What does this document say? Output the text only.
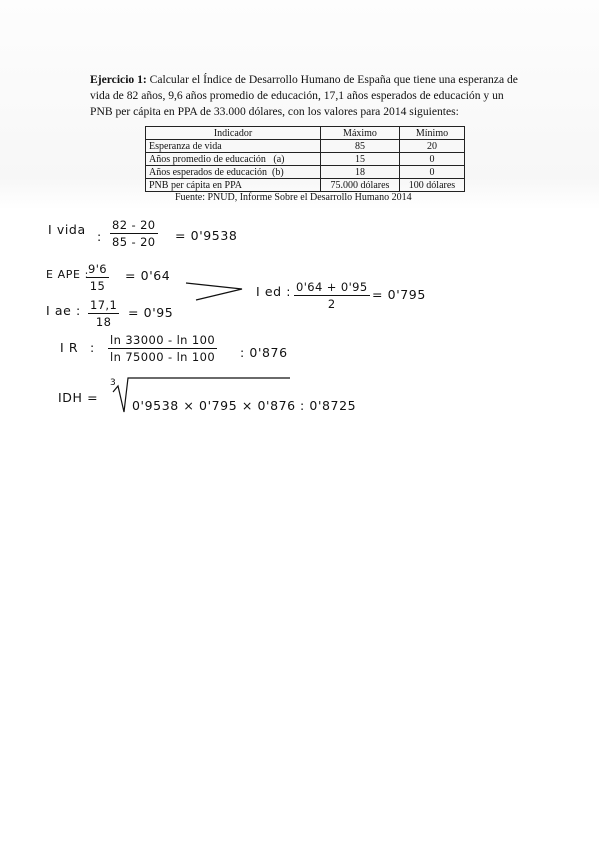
Ejercicio 1: Calcular el Índice de Desarrollo Humano de España que tiene una esperanza de vida de 82 años, 9,6 años promedio de educación, 17,1 años esperados de educación y un PNB per cápita en PPA de 33.000 dólares, con los valores para 2014 siguientes:
Indicador	Máximo	Mínimo
Esperanza de vida	85	20
Años promedio de educación   (a)	15	0
Años esperados de educación  (b)	18	0
PNB per cápita en PPA	75.000 dólares	100 dólares
Fuente: PNUD, Informe Sobre el Desarrollo Humano 2014
I vida : $\frac{82 - 20}{85 - 20} = 0'9538$
E APE :
$\frac{9'6}{15} = 0'64$
I ae : $\frac{17,1}{18} = 0'95$
I ed : $\frac{0'64 + 0'95}{2} = 0'795$
I R : $\frac{\ln 33000 - \ln 100}{\ln 75000 - \ln 100}$ : 0'876
IDH =
3
0'9538 × 0'795 × 0'876 : 0'8725
